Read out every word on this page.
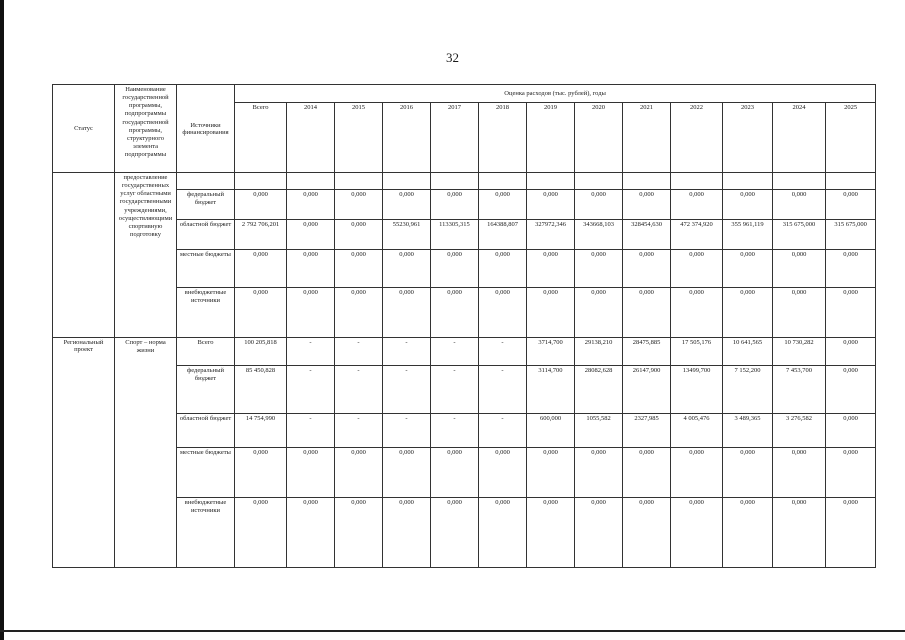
32
Статус	Наименование государственной программы, подпрограммы государственной программы, структурного элемента подпрограммы	Источники финансирования	Оценка расходов (тыс. рублей), годы												
			Всего	2014	2015	2016	2017	2018	2019	2020	2021	2022	2023	2024	2025
	предоставление государственных услуг областными государственными учреждениями, осуществляющими спортивную подготовку														
		федеральный бюджет	0,000	0,000	0,000	0,000	0,000	0,000	0,000	0,000	0,000	0,000	0,000	0,000	0,000
		областной бюджет	2 792 706,201	0,000	0,000	55230,961	113305,315	164388,807	327972,346	343668,103	328454,630	472 374,920	355 961,119	315 675,000	315 675,000
		местные бюджеты	0,000	0,000	0,000	0,000	0,000	0,000	0,000	0,000	0,000	0,000	0,000	0,000	0,000
		внебюджетные источники	0,000	0,000	0,000	0,000	0,000	0,000	0,000	0,000	0,000	0,000	0,000	0,000	0,000
Региональный проект	Спорт – норма жизни	Всего	100 205,818	-	-	-	-	-	3714,700	29138,210	28475,885	17 505,176	10 641,565	10 730,282	0,000
		федеральный бюджет	85 450,828	-	-	-	-	-	3114,700	28082,628	26147,900	13499,700	7 152,200	7 453,700	0,000
		областной бюджет	14 754,990	-	-	-	-	-	600,000	1055,582	2327,985	4 005,476	3 489,365	3 276,582	0,000
		местные бюджеты	0,000	0,000	0,000	0,000	0,000	0,000	0,000	0,000	0,000	0,000	0,000	0,000	0,000
		внебюджетные источники	0,000	0,000	0,000	0,000	0,000	0,000	0,000	0,000	0,000	0,000	0,000	0,000	0,000
